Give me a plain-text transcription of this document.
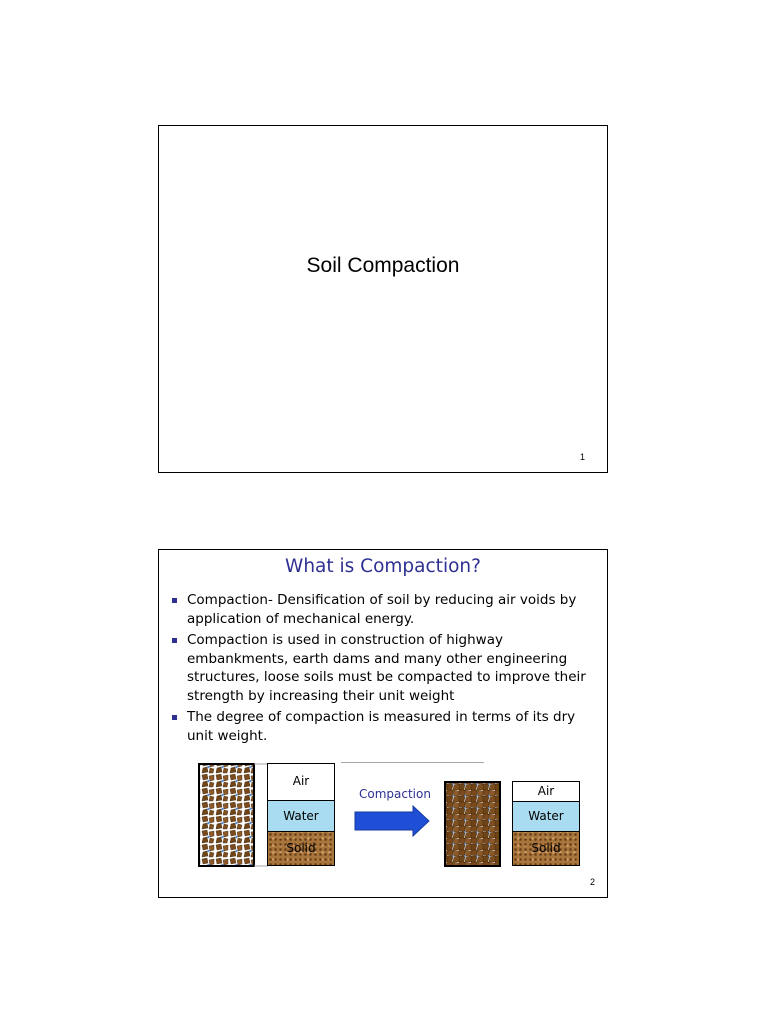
Soil Compaction
1
What is Compaction?
Compaction- Densification of soil by reducing air voids by application of mechanical energy.
Compaction is used in construction of highway embankments, earth dams and many other engineering structures, loose soils must be compacted to improve their strength by increasing their unit weight
The degree of compaction is measured in terms of its dry unit weight.
Air
Water
Solid
Compaction	Air
Water
Solid
2
